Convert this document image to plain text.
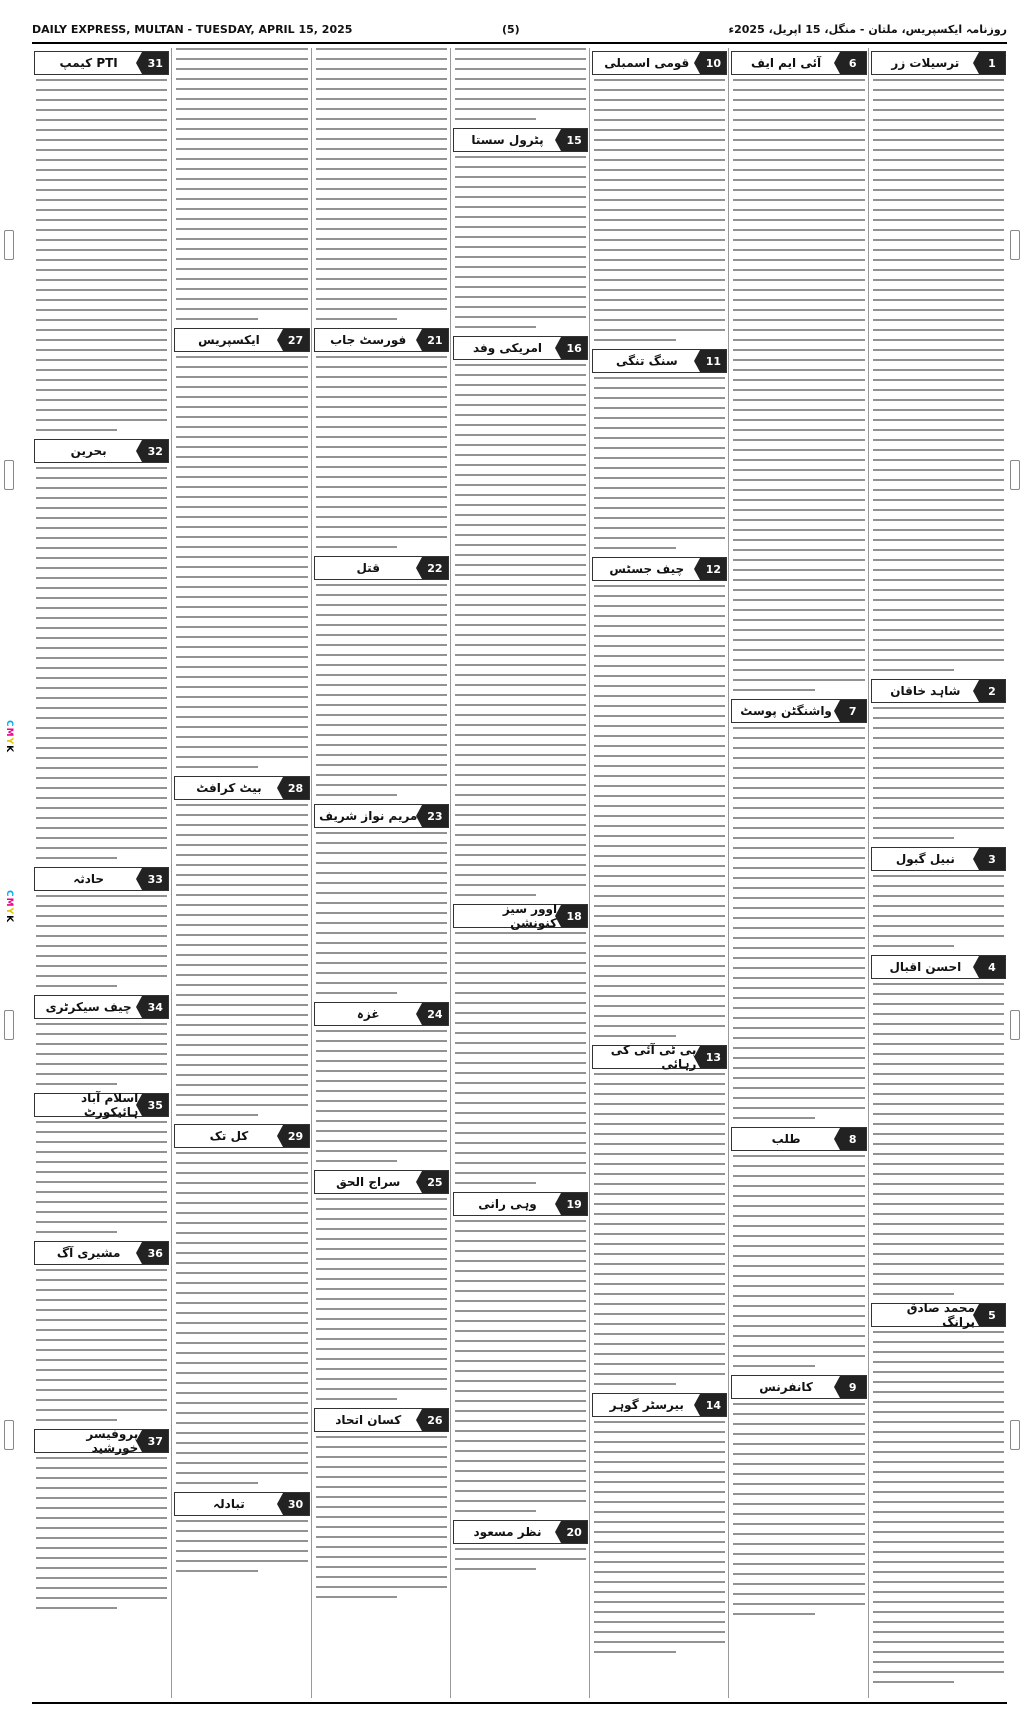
DAILY EXPRESS, MULTAN - TUESDAY, APRIL 15, 2025	(5)	روزنامہ ایکسپریس، ملتان - منگل، 15 اپریل، 2025ء
31
PTI کیمپ
32
بحرین
33
حادثہ
34
چیف سیکرٹری
35
اسلام آباد ہائیکورٹ
36
مشیری آگ
37
پروفیسر خورشید
27
ایکسپریس
28
بیٹ کرافٹ
29
کل تک
30
تبادلہ
21
فورسٹ جاب
22
قتل
23
مریم نواز شریف
24
غزہ
25
سراج الحق
26
کسان اتحاد
15
پٹرول سستا
16
امریکی وفد
18
اوور سیز کنونشن
19
وہی رانی
20
نظر مسعود
10
قومی اسمبلی
11
سنگ تنگی
12
چیف جسٹس
13
پی ٹی آئی کی رہائی
14
بیرسٹر گوہر
6
آئی ایم ایف
7
واشنگٹن پوسٹ
8
طلب
9
کانفرنس
1
ترسیلات زر
2
شاہد خاقان
3
نبیل گبول
4
احسن اقبال
5
محمد صادق برانگ
CMYK
CMYK
